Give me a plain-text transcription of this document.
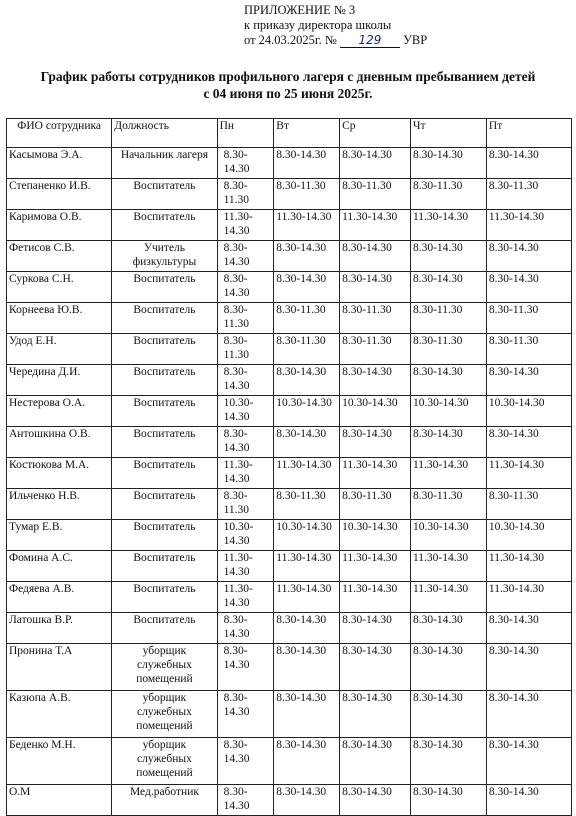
ПРИЛОЖЕНИЕ № 3
к приказу директора школы
от 24.03.2025г. № 129 УВР
График работы сотрудников профильного лагеря с дневным пребыванием детей
с 04 июня по 25 июня 2025г.
ФИО сотрудника	Должность	Пн	Вт	Ср	Чт	Пт
Касымова Э.А.	Начальник лагеря	8.30-14.30	8.30-14.30	8.30-14.30	8.30-14.30	8.30-14.30
Степаненко И.В.	Воспитатель	8.30-11.30	8.30-11.30	8.30-11.30	8.30-11.30	8.30-11.30
Каримова О.В.	Воспитатель	11.30-14.30	11.30-14.30	11.30-14.30	11.30-14.30	11.30-14.30
Фетисов С.В.	Учитель физкультуры	8.30-14.30	8.30-14.30	8.30-14.30	8.30-14.30	8.30-14.30
Суркова С.Н.	Воспитатель	8.30-14.30	8.30-14.30	8.30-14.30	8.30-14.30	8.30-14.30
Корнеева Ю.В.	Воспитатель	8.30-11.30	8.30-11.30	8.30-11.30	8.30-11.30	8.30-11.30
Удод Е.Н.	Воспитатель	8.30-11.30	8.30-11.30	8.30-11.30	8.30-11.30	8.30-11.30
Чередина Д.И.	Воспитатель	8.30-14.30	8.30-14.30	8.30-14.30	8.30-14.30	8.30-14.30
Нестерова О.А.	Воспитатель	10.30-14.30	10.30-14.30	10.30-14.30	10.30-14.30	10.30-14.30
Антошкина О.В.	Воспитатель	8.30-14.30	8.30-14.30	8.30-14.30	8.30-14.30	8.30-14.30
Костюкова М.А.	Воспитатель	11.30-14.30	11.30-14.30	11.30-14.30	11.30-14.30	11.30-14.30
Ильченко Н.В.	Воспитатель	8.30-11.30	8.30-11.30	8.30-11.30	8.30-11.30	8.30-11.30
Тумар Е.В.	Воспитатель	10.30-14.30	10.30-14.30	10.30-14.30	10.30-14.30	10.30-14.30
Фомина А.С.	Воспитатель	11.30-14.30	11.30-14.30	11.30-14.30	11.30-14.30	11.30-14.30
Федяева А.В.	Воспитатель	11.30-14.30	11.30-14.30	11.30-14.30	11.30-14.30	11.30-14.30
Латошка В.Р.	Воспитатель	8.30-14.30	8.30-14.30	8.30-14.30	8.30-14.30	8.30-14.30
Пронина Т.А	уборщик служебных помещений	8.30-14.30	8.30-14.30	8.30-14.30	8.30-14.30	8.30-14.30
Казюпа А.В.	уборщик служебных помещений	8.30-14.30	8.30-14.30	8.30-14.30	8.30-14.30	8.30-14.30
Беденко М.Н.	уборщик служебных помещений	8.30-14.30	8.30-14.30	8.30-14.30	8.30-14.30	8.30-14.30
О.М	Мед.работник	8.30-14.30	8.30-14.30	8.30-14.30	8.30-14.30	8.30-14.30
